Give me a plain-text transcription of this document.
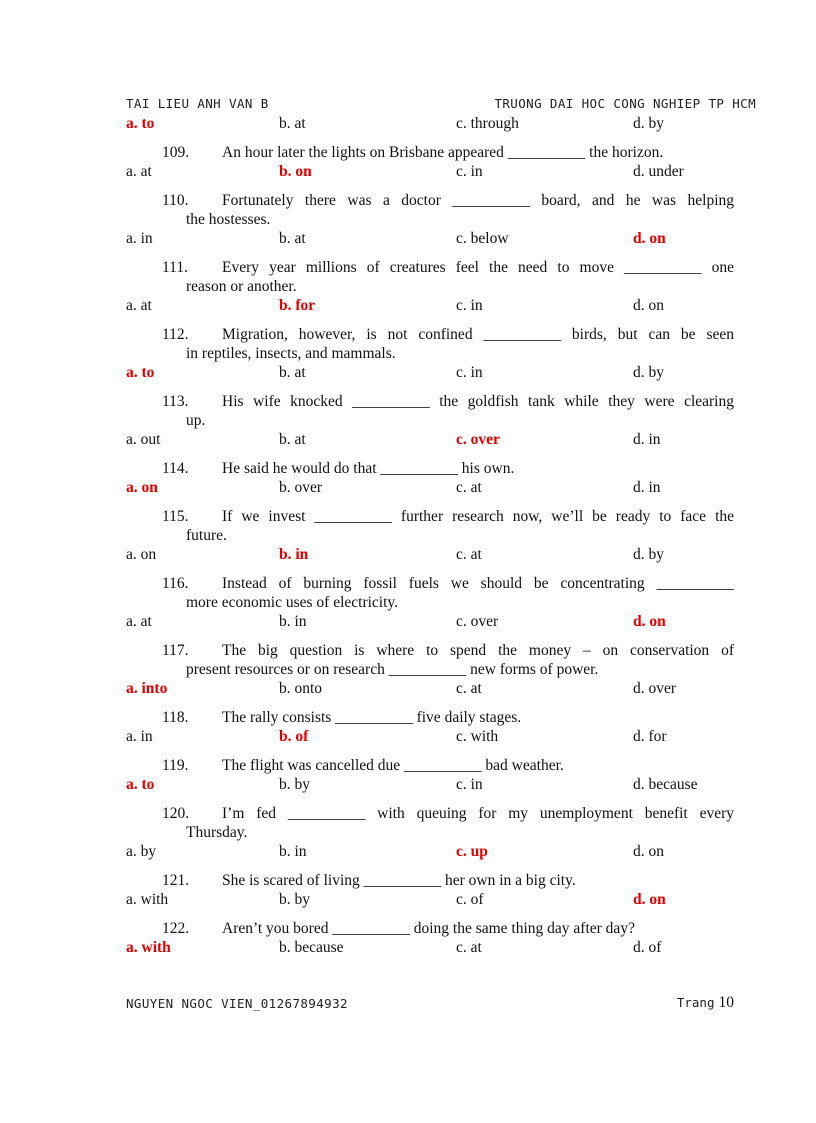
TAI LIEU ANH VAN B	TRUONG DAI HOC CONG NGHIEP TP HCM
a. to	b. at	c. through	d. by
109.	An hour later the lights on Brisbane appeared __________ the horizon.
a. at	b. on	c. in	d. under
110.	Fortunately there was a doctor __________ board, and he was helping
the hostesses.
a. in	b. at	c. below	d. on
111.	Every year millions of creatures feel the need to move __________ one
reason or another.
a. at	b. for	c. in	d. on
112.	Migration, however, is not confined __________ birds, but can be seen
in reptiles, insects, and mammals.
a. to	b. at	c. in	d. by
113.	His wife knocked __________ the goldfish tank while they were clearing
up.
a. out	b. at	c. over	d. in
114.	He said he would do that __________ his own.
a. on	b. over	c. at	d. in
115.	If we invest __________ further research now, we’ll be ready to face the
future.
a. on	b. in	c. at	d. by
116.	Instead of burning fossil fuels we should be concentrating __________
more economic uses of electricity.
a. at	b. in	c. over	d. on
117.	The big question is where to spend the money – on conservation of
present resources or on research __________ new forms of power.
a. into	b. onto	c. at	d. over
118.	The rally consists __________ five daily stages.
a. in	b. of	c. with	d. for
119.	The flight was cancelled due __________ bad weather.
a. to	b. by	c. in	d. because
120.	I’m fed __________ with queuing for my unemployment benefit every
Thursday.
a. by	b. in	c. up	d. on
121.	She is scared of living __________ her own in a big city.
a. with	b. by	c. of	d. on
122.	Aren’t you bored __________ doing the same thing day after day?
a. with	b. because	c. at	d. of
NGUYEN NGOC VIEN_01267894932	Trang 10
